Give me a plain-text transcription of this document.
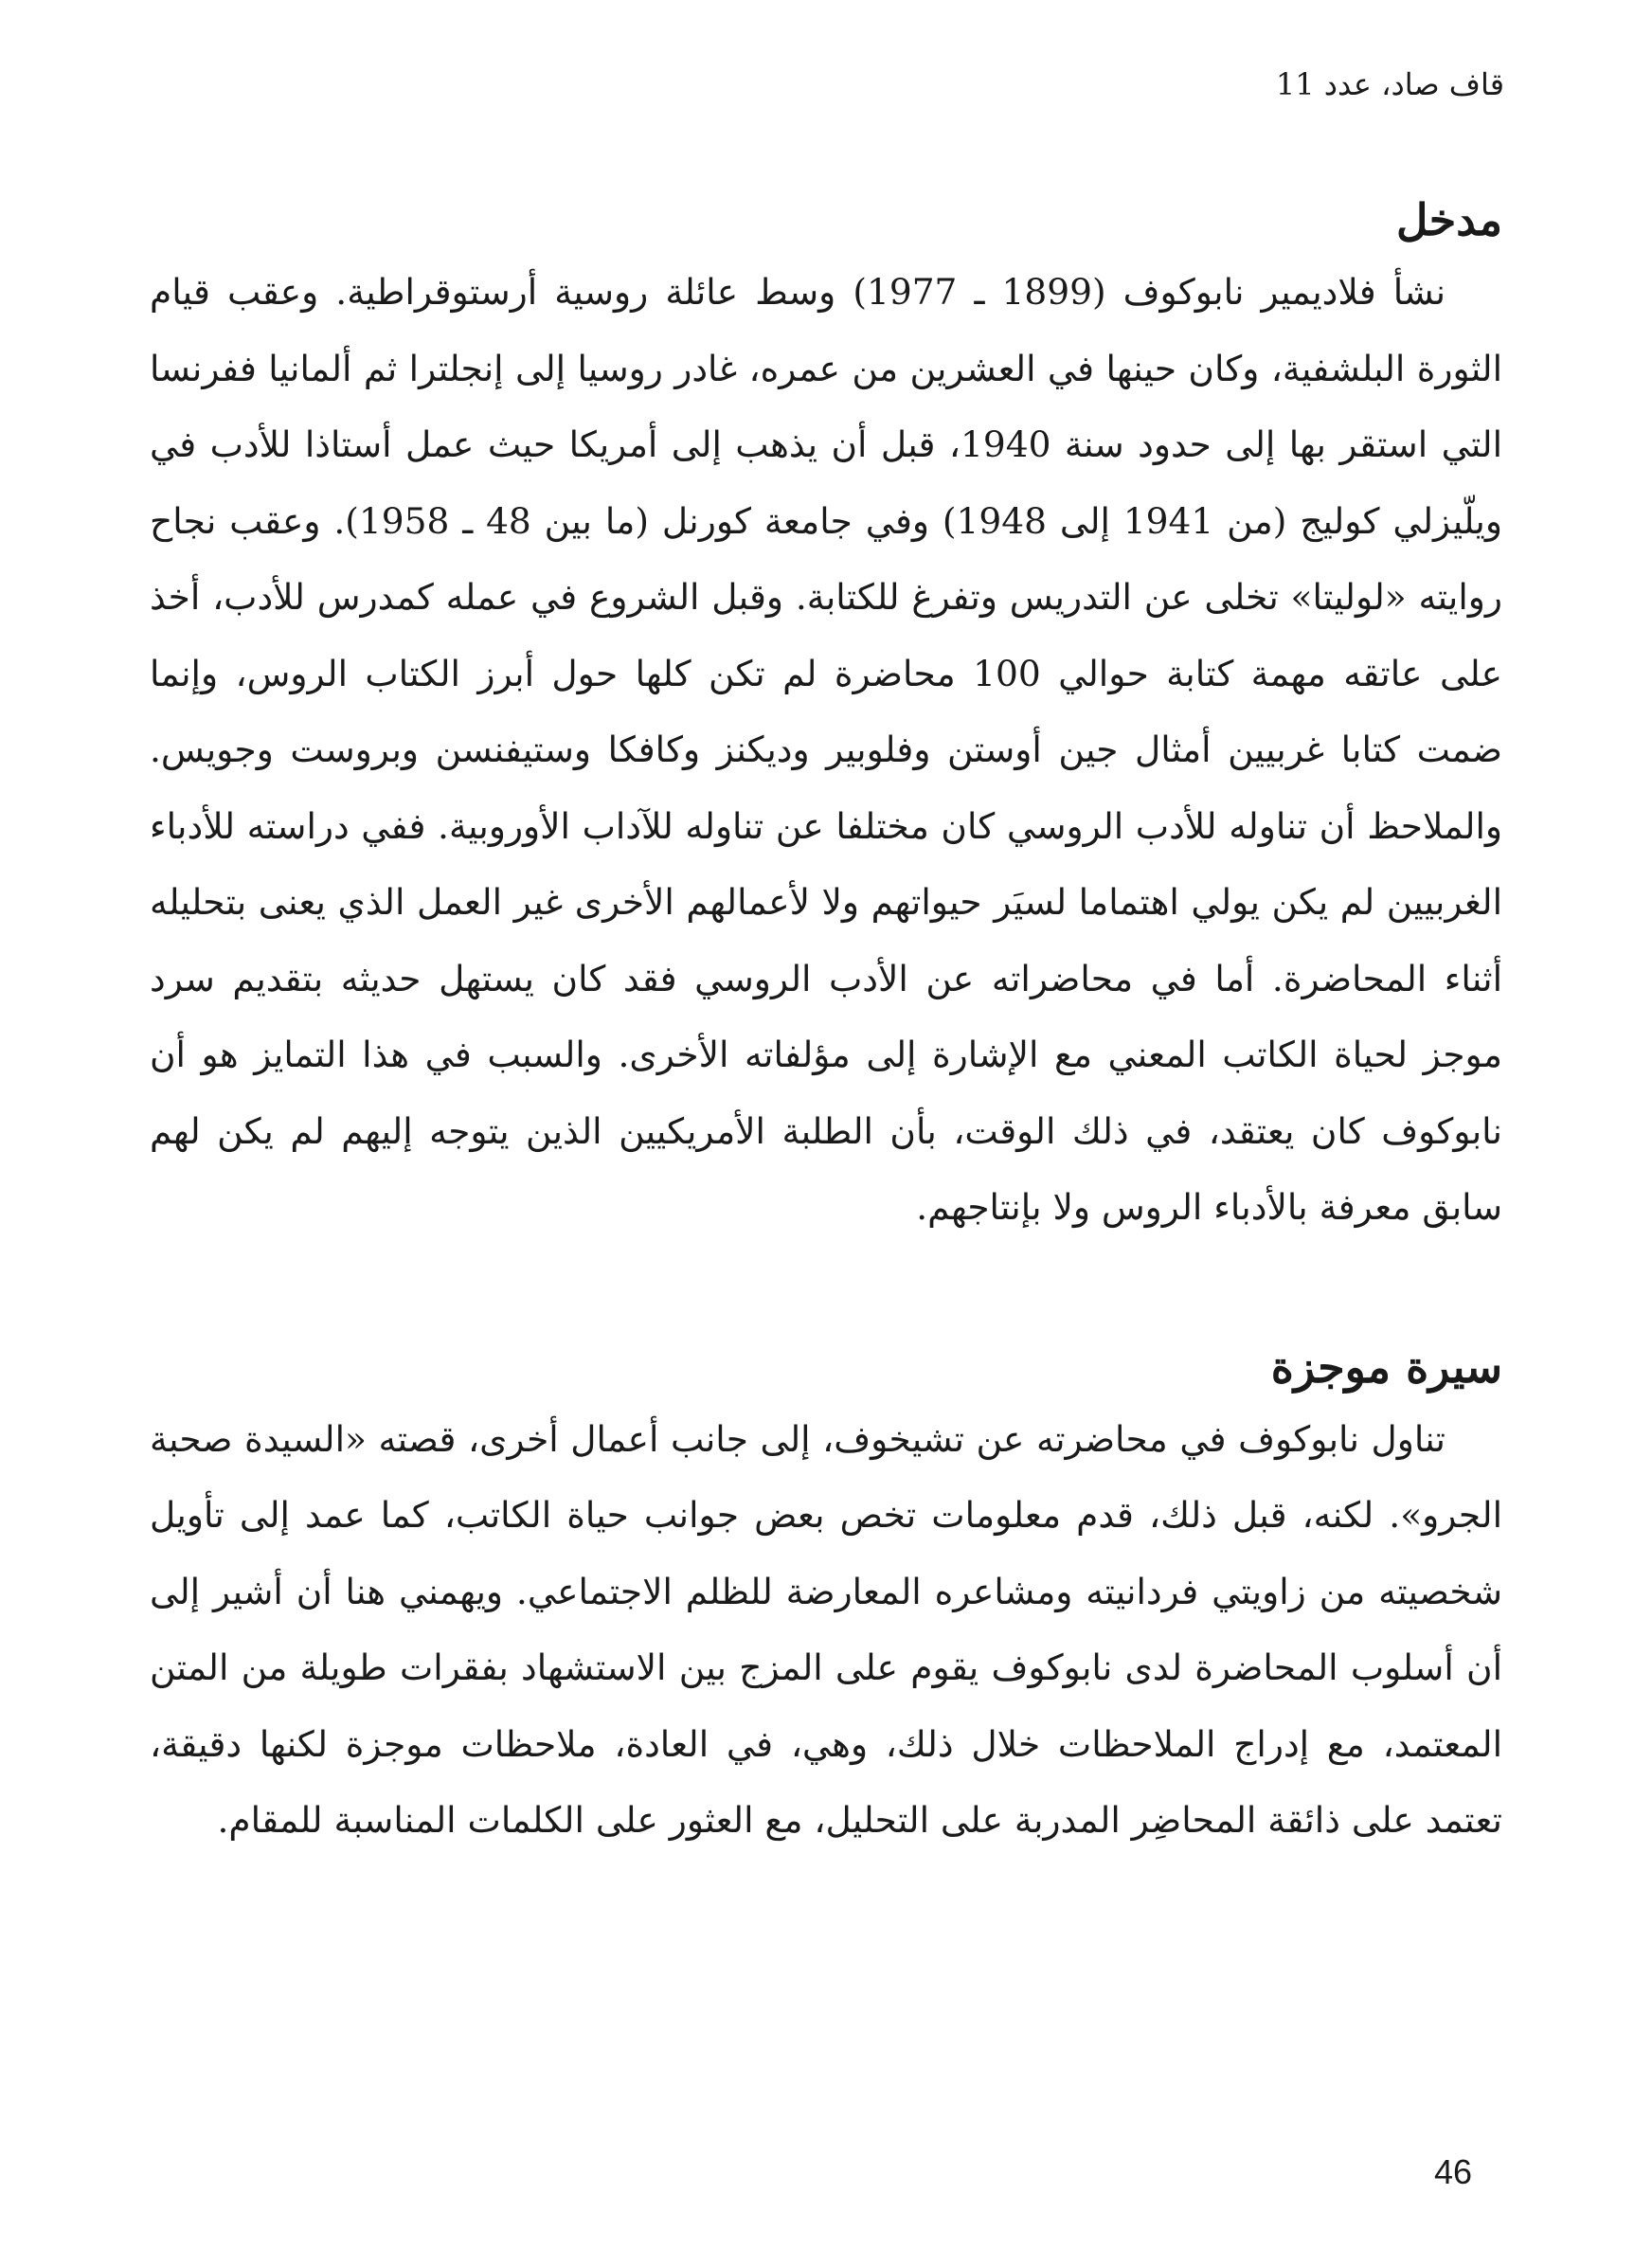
قاف صاد، عدد 11
مدخل

نشأ فلاديمير نابوكوف (1899 ـ 1977) وسط عائلة روسية أرستوقراطية. وعقب قيام الثورة البلشفية، وكان حينها في العشرين من عمره، غادر روسيا إلى إنجلترا ثم ألمانيا ففرنسا التي استقر بها إلى حدود سنة 1940، قبل أن يذهب إلى أمريكا حيث عمل أستاذا للأدب في ويلّيزلي كوليج (من 1941 إلى 1948) وفي جامعة كورنل (ما بين 48 ـ 1958). وعقب نجاح روايته «لوليتا» تخلى عن التدريس وتفرغ للكتابة. وقبل الشروع في عمله كمدرس للأدب، أخذ على عاتقه مهمة كتابة حوالي 100 محاضرة لم تكن كلها حول أبرز الكتاب الروس، وإنما ضمت كتابا غربيين أمثال جين أوستن وفلوبير وديكنز وكافكا وستيفنسن وبروست وجويس. والملاحظ أن تناوله للأدب الروسي كان مختلفا عن تناوله للآداب الأوروبية. ففي دراسته للأدباء الغربيين لم يكن يولي اهتماما لسيَر حيواتهم ولا لأعمالهم الأخرى غير العمل الذي يعنى بتحليله أثناء المحاضرة. أما في محاضراته عن الأدب الروسي فقد كان يستهل حديثه بتقديم سرد موجز لحياة الكاتب المعني مع الإشارة إلى مؤلفاته الأخرى. والسبب في هذا التمايز هو أن نابوكوف كان يعتقد، في ذلك الوقت، بأن الطلبة الأمريكيين الذين يتوجه إليهم لم يكن لهم سابق معرفة بالأدباء الروس ولا بإنتاجهم.

سيرة موجزة

تناول نابوكوف في محاضرته عن تشيخوف، إلى جانب أعمال أخرى، قصته «السيدة صحبة الجرو». لكنه، قبل ذلك، قدم معلومات تخص بعض جوانب حياة الكاتب، كما عمد إلى تأويل شخصيته من زاويتي فردانيته ومشاعره المعارضة للظلم الاجتماعي. ويهمني هنا أن أشير إلى أن أسلوب المحاضرة لدى نابوكوف يقوم على المزج بين الاستشهاد بفقرات طويلة من المتن المعتمد، مع إدراج الملاحظات خلال ذلك، وهي، في العادة، ملاحظات موجزة لكنها دقيقة، تعتمد على ذائقة المحاضِر المدربة على التحليل، مع العثور على الكلمات المناسبة للمقام.

46
